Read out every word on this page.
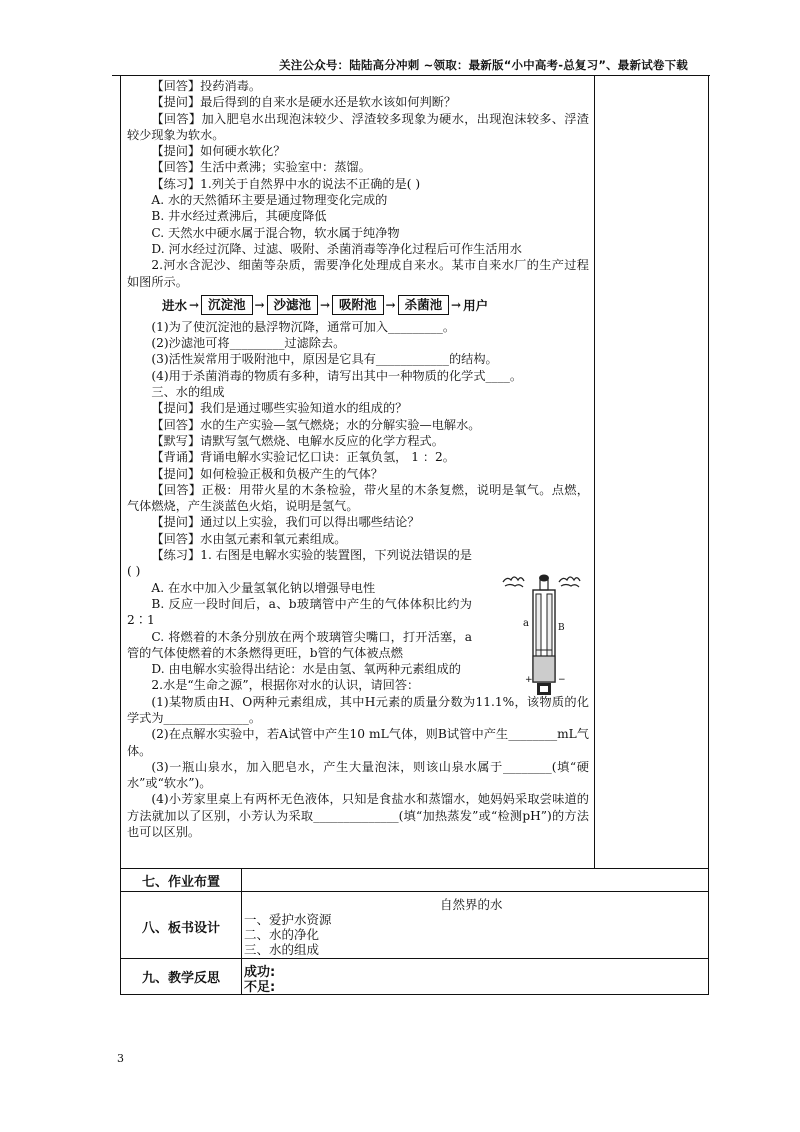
关注公众号：陆陆高分冲刺 ~领取：最新版“小中高考-总复习”、最新试卷下载

【回答】投药消毒。

【提问】最后得到的自来水是硬水还是软水该如何判断？

【回答】加入肥皂水出现泡沫较少、浮渣较多现象为硬水，出现泡沫较多、浮渣较少现象为软水。

【提问】如何硬水软化？

【回答】生活中煮沸；实验室中：蒸馏。

【练习】1.列关于自然界中水的说法不正确的是( )

A. 水的天然循环主要是通过物理变化完成的

B. 井水经过煮沸后，其硬度降低

C. 天然水中硬水属于混合物，软水属于纯净物

D. 河水经过沉降、过滤、吸附、杀菌消毒等净化过程后可作生活用水

2.河水含泥沙、细菌等杂质，需要净化处理成自来水。某市自来水厂的生产过程如图所示。

进水 → 沉淀池 → 沙滤池 → 吸附池 → 杀菌池 → 用户

(1)为了使沉淀池的悬浮物沉降，通常可加入_________。

(2)沙滤池可将_________过滤除去。

(3)活性炭常用于吸附池中，原因是它具有____________的结构。

(4)用于杀菌消毒的物质有多种，请写出其中一种物质的化学式____。

三、水的组成

【提问】我们是通过哪些实验知道水的组成的？

【回答】水的生产实验—氢气燃烧；水的分解实验—电解水。

【默写】请默写氢气燃烧、电解水反应的化学方程式。

【背诵】背诵电解水实验记忆口诀：正氧负氢， 1 ：2。

【提问】如何检验正极和负极产生的气体？

【回答】正极：用带火星的木条检验，带火星的木条复燃，说明是氧气。点燃，气体燃烧，产生淡蓝色火焰，说明是氢气。

【提问】通过以上实验，我们可以得出哪些结论？

【回答】水由氢元素和氧元素组成。

【练习】1. 右图是电解水实验的装置图，下列说法错误的是( )

A. 在水中加入少量氢氧化钠以增强导电性

B. 反应一段时间后，a、b玻璃管中产生的气体体积比约为2∶1

C. 将燃着的木条分别放在两个玻璃管尖嘴口，打开活塞，a管的气体使燃着的木条燃得更旺，b管的气体被点燃

D. 由电解水实验得出结论：水是由氢、氧两种元素组成的

2.水是“生命之源”，根据你对水的认识，请回答：

(1)某物质由H、O两种元素组成，其中H元素的质量分数为11.1%，该物质的化学式为______________。

(2)在点解水实验中，若A试管中产生10 mL气体，则B试管中产生________mL气体。

(3)一瓶山泉水，加入肥皂水，产生大量泡沫，则该山泉水属于________(填“硬水”或“软水”)。

(4)小芳家里桌上有两杯无色液体，只知是食盐水和蒸馏水，她妈妈采取尝味道的方法就加以了区别，小芳认为采取______________(填“加热蒸发”或“检测pH”)的方法也可以区别。

a	B
+	−
七、作业布置
八、板书设计
九、教学反思
自然界的水
一、爱护水资源
二、水的净化
三、水的组成
成功:
不足:
3
